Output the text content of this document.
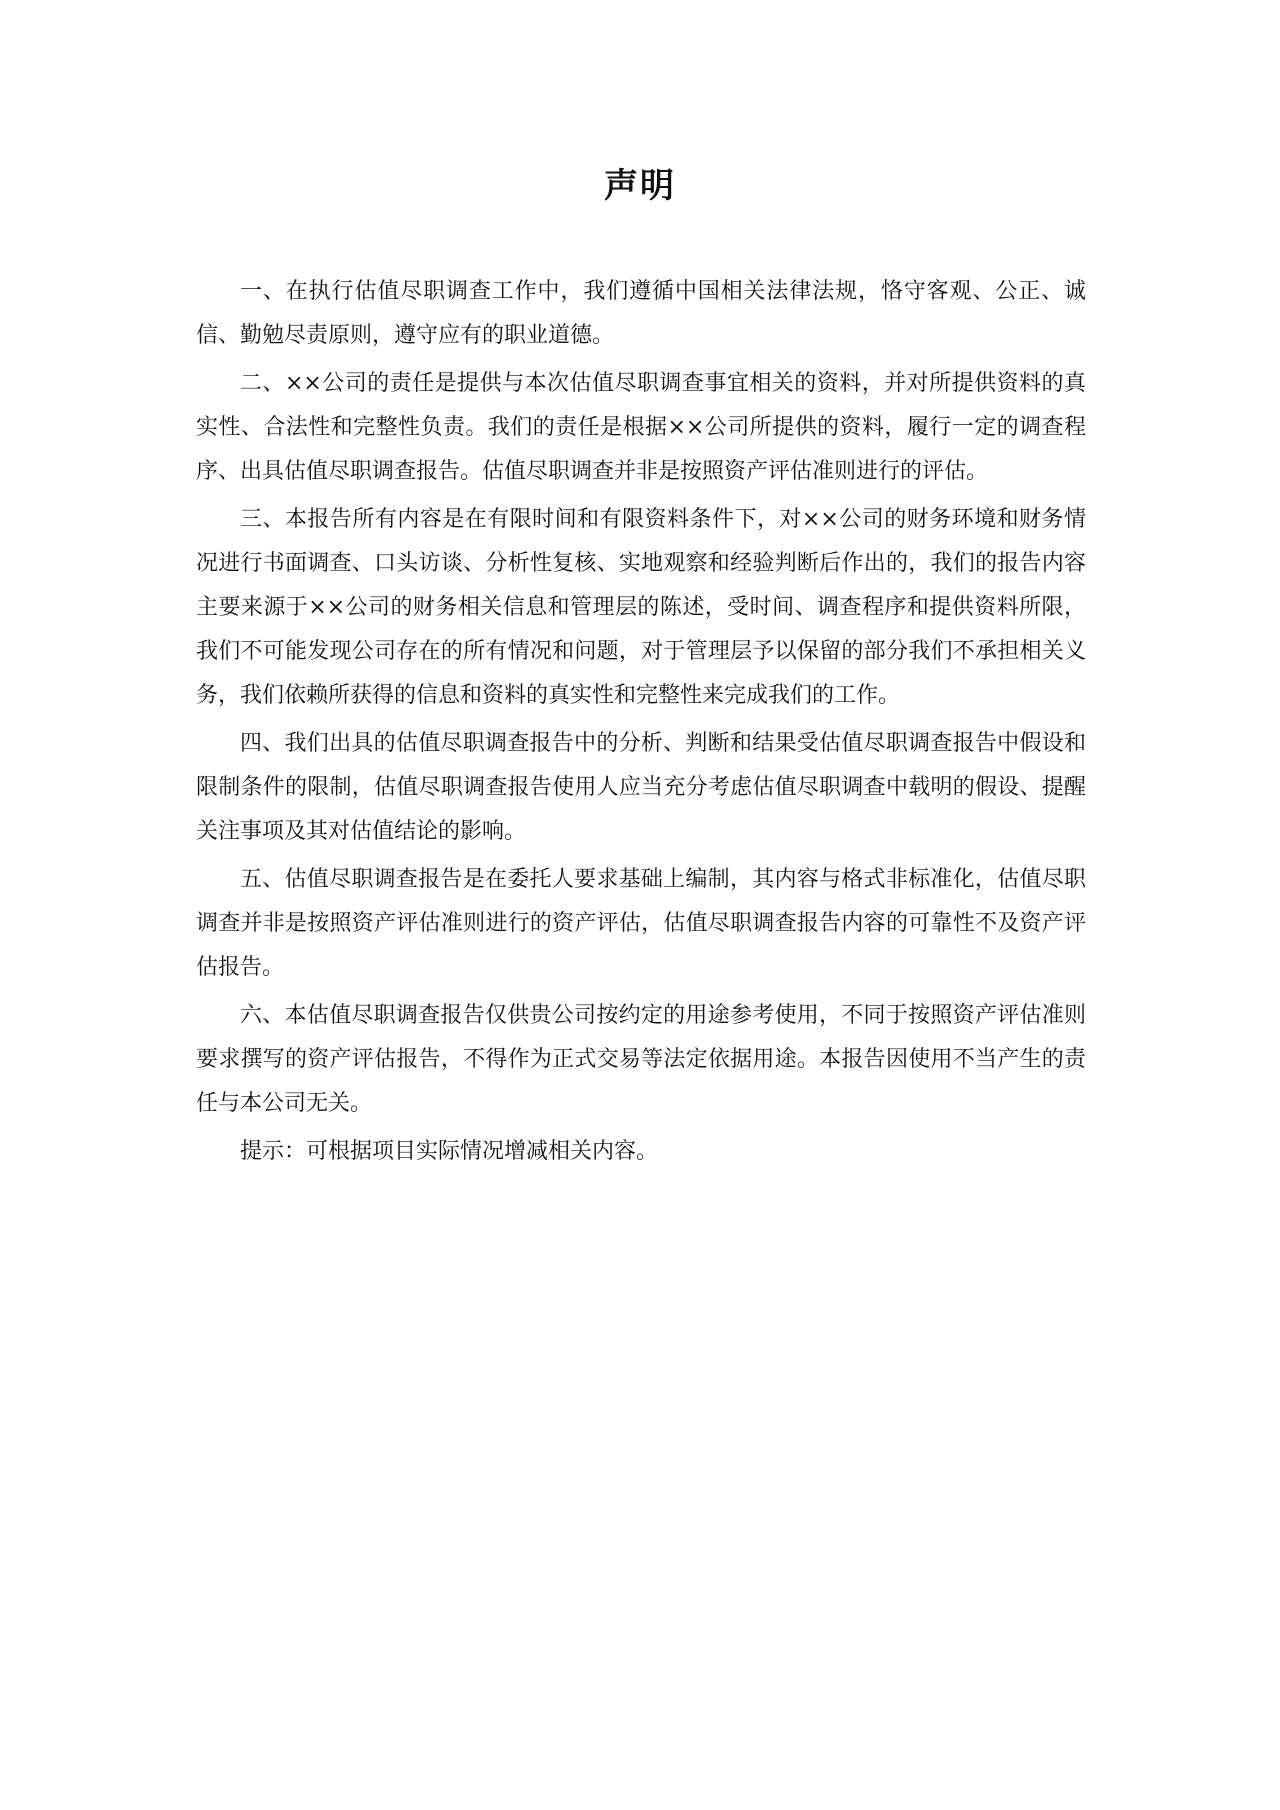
声明

一、在执行估值尽职调查工作中，我们遵循中国相关法律法规，恪守客观、公正、诚信、勤勉尽责原则，遵守应有的职业道德。

二、××公司的责任是提供与本次估值尽职调查事宜相关的资料，并对所提供资料的真实性、合法性和完整性负责。我们的责任是根据××公司所提供的资料，履行一定的调查程序、出具估值尽职调查报告。估值尽职调查并非是按照资产评估准则进行的评估。

三、本报告所有内容是在有限时间和有限资料条件下，对××公司的财务环境和财务情况进行书面调查、口头访谈、分析性复核、实地观察和经验判断后作出的，我们的报告内容主要来源于××公司的财务相关信息和管理层的陈述，受时间、调查程序和提供资料所限，我们不可能发现公司存在的所有情况和问题，对于管理层予以保留的部分我们不承担相关义务，我们依赖所获得的信息和资料的真实性和完整性来完成我们的工作。

四、我们出具的估值尽职调查报告中的分析、判断和结果受估值尽职调查报告中假设和限制条件的限制，估值尽职调查报告使用人应当充分考虑估值尽职调查中载明的假设、提醒关注事项及其对估值结论的影响。

五、估值尽职调查报告是在委托人要求基础上编制，其内容与格式非标准化，估值尽职调查并非是按照资产评估准则进行的资产评估，估值尽职调查报告内容的可靠性不及资产评估报告。

六、本估值尽职调查报告仅供贵公司按约定的用途参考使用，不同于按照资产评估准则要求撰写的资产评估报告，不得作为正式交易等法定依据用途。本报告因使用不当产生的责任与本公司无关。

提示：可根据项目实际情况增减相关内容。
